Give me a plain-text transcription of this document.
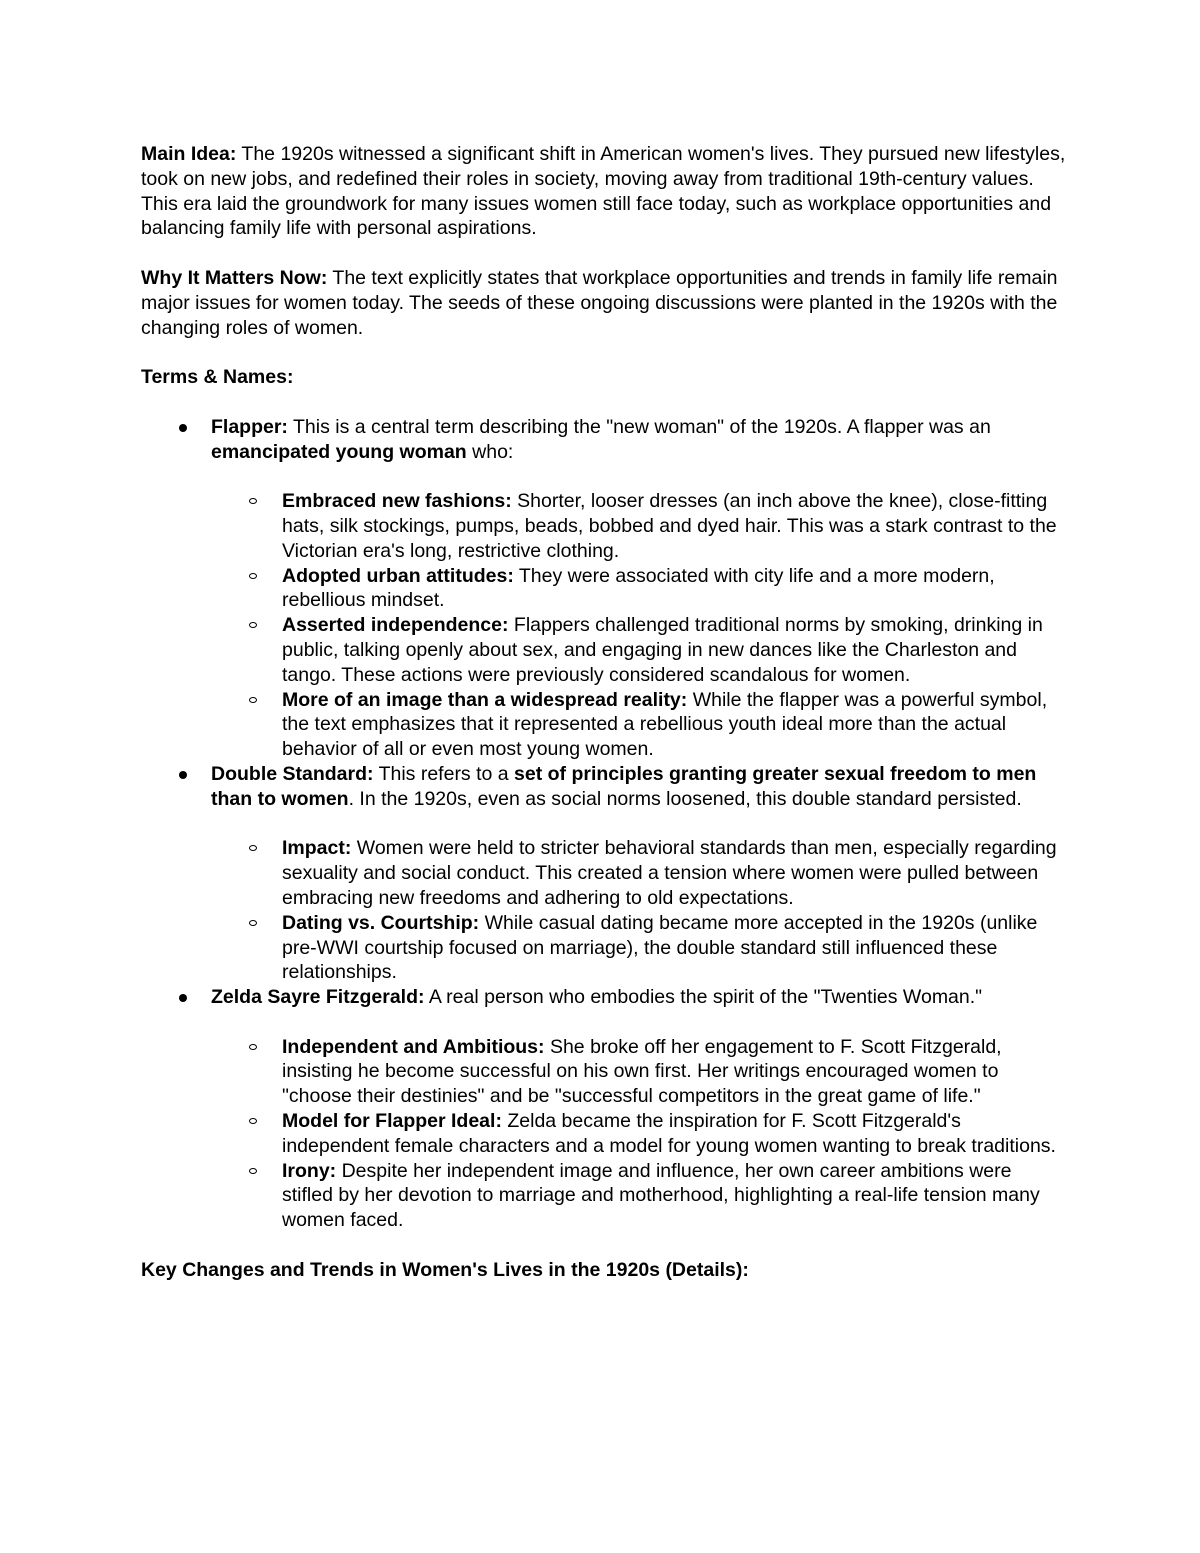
Main Idea: The 1920s witnessed a significant shift in American women's lives. They pursued new lifestyles, took on new jobs, and redefined their roles in society, moving away from traditional 19th-century values. This era laid the groundwork for many issues women still face today, such as workplace opportunities and balancing family life with personal aspirations.

Why It Matters Now: The text explicitly states that workplace opportunities and trends in family life remain major issues for women today. The seeds of these ongoing discussions were planted in the 1920s with the changing roles of women.

Terms & Names:

Flapper: This is a central term describing the "new woman" of the 1920s. A flapper was an emancipated young woman who:
Embraced new fashions: Shorter, looser dresses (an inch above the knee), close-fitting hats, silk stockings, pumps, beads, bobbed and dyed hair. This was a stark contrast to the Victorian era's long, restrictive clothing.
Adopted urban attitudes: They were associated with city life and a more modern, rebellious mindset.
Asserted independence: Flappers challenged traditional norms by smoking, drinking in public, talking openly about sex, and engaging in new dances like the Charleston and tango. These actions were previously considered scandalous for women.
More of an image than a widespread reality: While the flapper was a powerful symbol, the text emphasizes that it represented a rebellious youth ideal more than the actual behavior of all or even most young women.
Double Standard: This refers to a set of principles granting greater sexual freedom to men than to women. In the 1920s, even as social norms loosened, this double standard persisted.
Impact: Women were held to stricter behavioral standards than men, especially regarding sexuality and social conduct. This created a tension where women were pulled between embracing new freedoms and adhering to old expectations.
Dating vs. Courtship: While casual dating became more accepted in the 1920s (unlike pre-WWI courtship focused on marriage), the double standard still influenced these relationships.
Zelda Sayre Fitzgerald: A real person who embodies the spirit of the "Twenties Woman."
Independent and Ambitious: She broke off her engagement to F. Scott Fitzgerald, insisting he become successful on his own first. Her writings encouraged women to "choose their destinies" and be "successful competitors in the great game of life."
Model for Flapper Ideal: Zelda became the inspiration for F. Scott Fitzgerald's independent female characters and a model for young women wanting to break traditions.
Irony: Despite her independent image and influence, her own career ambitions were stifled by her devotion to marriage and motherhood, highlighting a real-life tension many women faced.

Key Changes and Trends in Women's Lives in the 1920s (Details):
